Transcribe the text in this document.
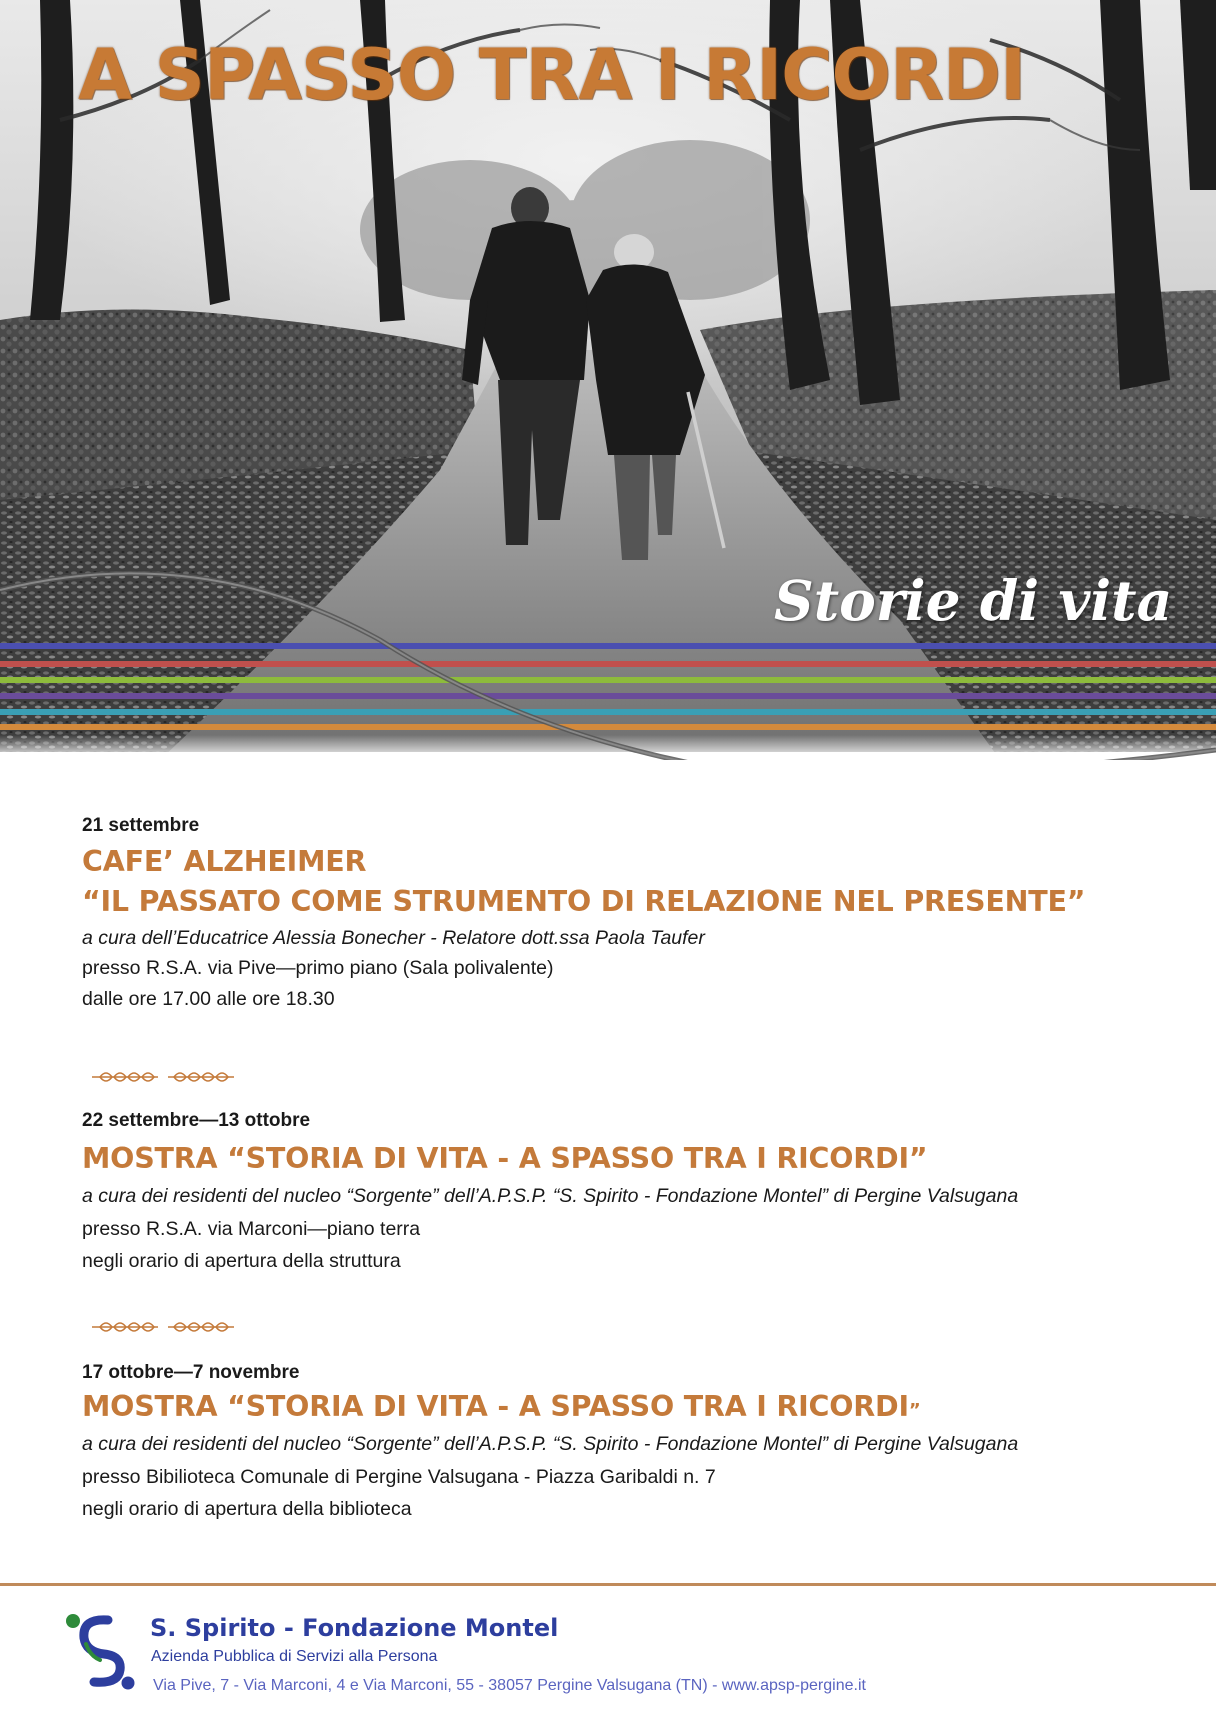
A SPASSO TRA I RICORDI
Storie di vita
21 settembre
CAFE’ ALZHEIMER
“IL PASSATO COME STRUMENTO DI RELAZIONE NEL PRESENTE”
a cura dell’Educatrice Alessia Bonecher - Relatore dott.ssa Paola Taufer
presso R.S.A. via Pive—primo piano (Sala polivalente)
dalle ore 17.00 alle ore 18.30
22 settembre—13 ottobre
MOSTRA “STORIA DI VITA - A SPASSO TRA I RICORDI”
a cura dei residenti del nucleo “Sorgente” dell’A.P.S.P. “S. Spirito - Fondazione Montel” di Pergine Valsugana
presso R.S.A. via Marconi—piano terra
negli orario di apertura della struttura
17 ottobre—7 novembre
MOSTRA “STORIA DI VITA - A SPASSO TRA I RICORDI”
a cura dei residenti del nucleo “Sorgente” dell’A.P.S.P. “S. Spirito - Fondazione Montel” di Pergine Valsugana
presso Bibilioteca Comunale di Pergine Valsugana - Piazza Garibaldi n. 7
negli orario di apertura della biblioteca
S. Spirito - Fondazione Montel
Azienda Pubblica di Servizi alla Persona
Via Pive, 7 - Via Marconi, 4 e Via Marconi, 55 - 38057 Pergine Valsugana (TN) - www.apsp-pergine.it
